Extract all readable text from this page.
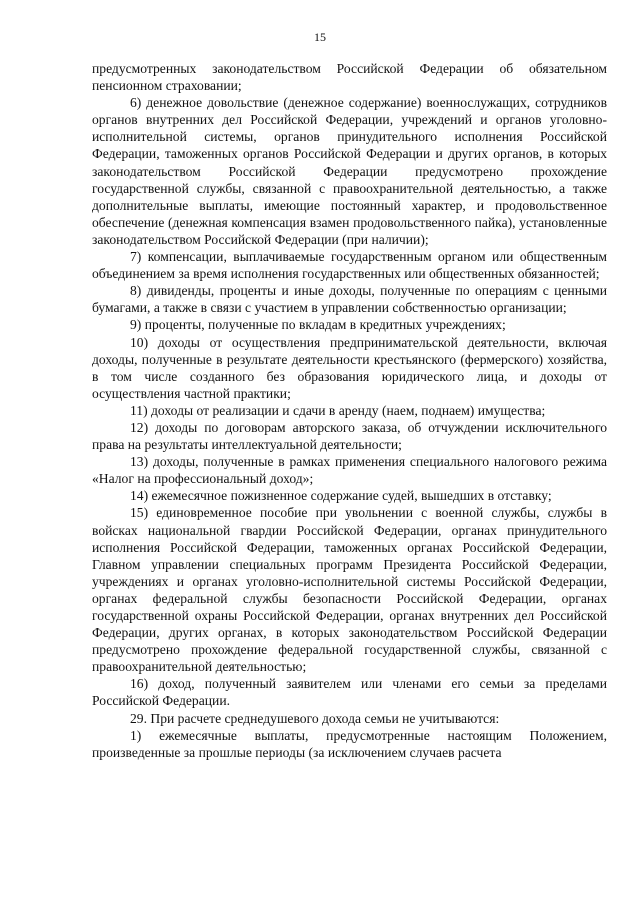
15

предусмотренных законодательством Российской Федерации об обязательном пенсионном страховании;

6) денежное довольствие (денежное содержание) военнослужащих, сотрудников органов внутренних дел Российской Федерации, учреждений и органов уголовно-исполнительной системы, органов принудительного исполнения Российской Федерации, таможенных органов Российской Федерации и других органов, в которых законодательством Российской Федерации предусмотрено прохождение государственной службы, связанной с правоохранительной деятельностью, а также дополнительные выплаты, имеющие постоянный характер, и продовольственное обеспечение (денежная компенсация взамен продовольственного пайка), установленные законодательством Российской Федерации (при наличии);

7) компенсации, выплачиваемые государственным органом или общественным объединением за время исполнения государственных или общественных обязанностей;

8) дивиденды, проценты и иные доходы, полученные по операциям с ценными бумагами, а также в связи с участием в управлении собственностью организации;

9) проценты, полученные по вкладам в кредитных учреждениях;

10) доходы от осуществления предпринимательской деятельности, включая доходы, полученные в результате деятельности крестьянского (фермерского) хозяйства, в том числе созданного без образования юридического лица, и доходы от осуществления частной практики;

11) доходы от реализации и сдачи в аренду (наем, поднаем) имущества;

12) доходы по договорам авторского заказа, об отчуждении исключительного права на результаты интеллектуальной деятельности;

13) доходы, полученные в рамках применения специального налогового режима «Налог на профессиональный доход»;

14) ежемесячное пожизненное содержание судей, вышедших в отставку;

15) единовременное пособие при увольнении с военной службы, службы в войсках национальной гвардии Российской Федерации, органах принудительного исполнения Российской Федерации, таможенных органах Российской Федерации, Главном управлении специальных программ Президента Российской Федерации, учреждениях и органах уголовно-исполнительной системы Российской Федерации, органах федеральной службы безопасности Российской Федерации, органах государственной охраны Российской Федерации, органах внутренних дел Российской Федерации, других органах, в которых законодательством Российской Федерации предусмотрено прохождение федеральной государственной службы, связанной с правоохранительной деятельностью;

16) доход, полученный заявителем или членами его семьи за пределами Российской Федерации.

29. При расчете среднедушевого дохода семьи не учитываются:

1) ежемесячные выплаты, предусмотренные настоящим Положением, произведенные за прошлые периоды (за исключением случаев расчета
